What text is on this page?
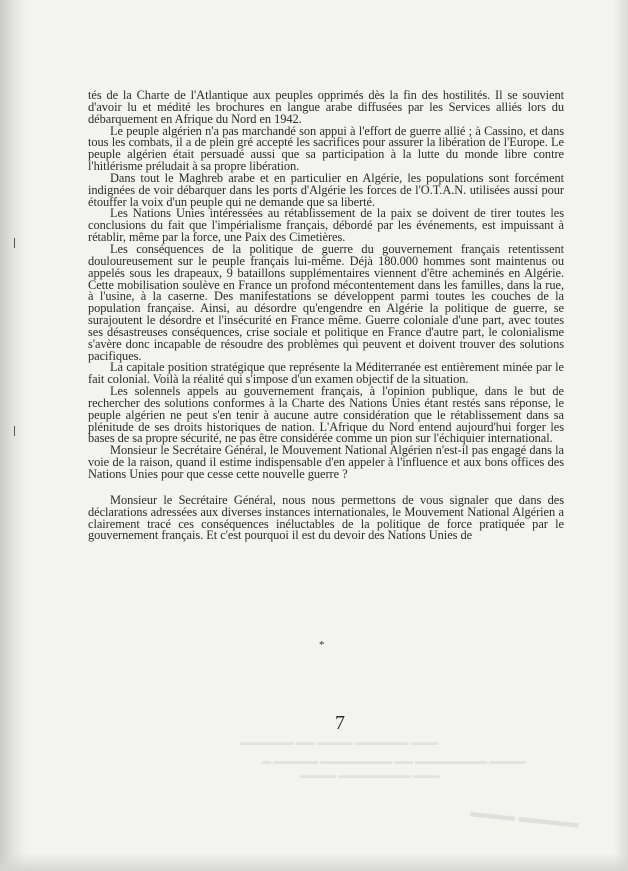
tés de la Charte de l'Atlantique aux peuples opprimés dès la fin des hostilités. Il se souvient d'avoir lu et médité les brochures en langue arabe diffusées par les Services alliés lors du débarquement en Afrique du Nord en 1942.

Le peuple algérien n'a pas marchandé son appui à l'effort de guerre allié ; à Cassino, et dans tous les combats, il a de plein gré accepté les sacrifices pour assurer la libération de l'Europe. Le peuple algérien était persuadé aussi que sa participation à la lutte du monde libre contre l'hitlérisme préludait à sa propre libération.

Dans tout le Maghreb arabe et en particulier en Algérie, les populations sont forcément indignées de voir débarquer dans les ports d'Algérie les forces de l'O.T.A.N. utilisées aussi pour étouffer la voix d'un peuple qui ne demande que sa liberté.

Les Nations Unies intéressées au rétablissement de la paix se doivent de tirer toutes les conclusions du fait que l'impérialisme français, débordé par les événements, est impuissant à rétablir, même par la force, une Paix des Cimetières.

Les conséquences de la politique de guerre du gouvernement français retentissent douloureusement sur le peuple français lui-même. Déjà 180.000 hommes sont maintenus ou appelés sous les drapeaux, 9 bataillons supplémentaires viennent d'être acheminés en Algérie. Cette mobilisation soulève en France un profond mécontentement dans les familles, dans la rue, à l'usine, à la caserne. Des manifestations se développent parmi toutes les couches de la population française. Ainsi, au désordre qu'engendre en Algérie la politique de guerre, se surajoutent le désordre et l'insécurité en France même. Guerre coloniale d'une part, avec toutes ses désastreuses conséquences, crise sociale et politique en France d'autre part, le colonialisme s'avère donc incapable de résoudre des problèmes qui peuvent et doivent trouver des solutions pacifiques.

La capitale position stratégique que représente la Méditerranée est entièrement minée par le fait colonial. Voilà la réalité qui s'impose d'un examen objectif de la situation.

Les solennels appels au gouvernement français, à l'opinion publique, dans le but de rechercher des solutions conformes à la Charte des Nations Unies étant restés sans réponse, le peuple algérien ne peut s'en tenir à aucune autre considération que le rétablissement dans sa plénitude de ses droits historiques de nation. L'Afrique du Nord entend aujourd'hui forger les bases de sa propre sécurité, ne pas être considérée comme un pion sur l'échiquier international.

Monsieur le Secrétaire Général, le Mouvement National Algérien n'est-il pas engagé dans la voie de la raison, quand il estime indispensable d'en appeler à l'influence et aux bons offices des Nations Unies pour que cesse cette nouvelle guerre ?

Monsieur le Secrétaire Général, nous nous permettons de vous signaler que dans des déclarations adressées aux diverses instances internationales, le Mouvement National Algérien a clairement tracé ces conséquences inéluctables de la politique de force pratiquée par le gouvernement français. Et c'est pourquoi il est du devoir des Nations Unies de

*
7
▬▬▬ ▬▬▬▬▬▬ ▬▬▬▬ ▬▬ ▬▬▬▬▬▬
▬▬▬▬ ▬▬▬▬▬▬▬▬ ▬▬ ▬▬▬▬▬▬▬▬ ▬▬▬▬▬ ▬
▬▬▬ ▬▬▬▬▬▬▬▬ ▬▬▬▬
▬▬▬▬ ▬▬▬
